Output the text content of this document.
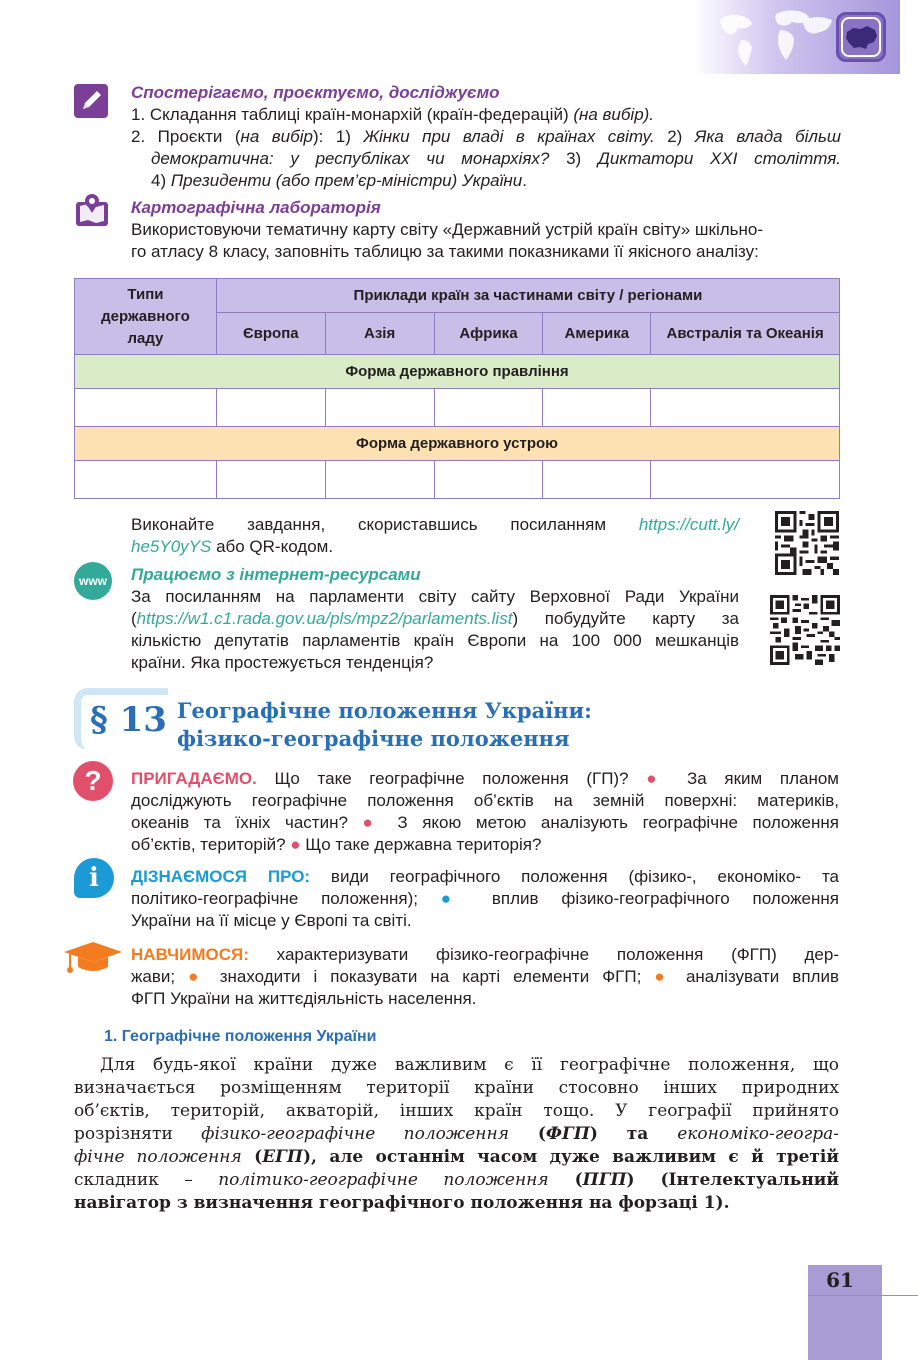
Спостерігаємо, проєктуємо, досліджуємо
1. Складання таблиці країн-монархій (країн-федерацій) (на вибір).
2. Проєкти (на вибір): 1) Жінки при владі в країнах світу. 2) Яка влада більш
демократична: у республіках чи монархіях? 3) Диктатори XXI століття.
4) Президенти (або прем’єр-міністри) України.
Картографічна лабораторія
Використовуючи тематичну карту світу «Державний устрій країн світу» шкільно-
го атласу 8 класу, заповніть таблицю за такими показниками її якісного аналізу:
Типи державного ладу	Приклади країн за частинами світу / регіонами				
	Європа	Азія	Африка	Америка	Австралія та Океанія
Форма державного правління					

Форма державного устрою					

Виконайте завдання, скориставшись посиланням https://cutt.ly/
he5Y0yYS або QR-кодом.
www Працюємо з інтернет-ресурсами
За посиланням на парламенти світу сайту Верховної Ради України
(https://w1.c1.rada.gov.ua/pls/mpz2/parlaments.list) побудуйте карту за
кількістю депутатів парламентів країн Європи на 100 000 мешканців
країни. Яка простежується тенденція?
§ 13 Географічне положення України:
фізико-географічне положення
?	ПРИГАДАЄМО. Що таке географічне положення (ГП)? ● За яким планом
досліджують географічне положення об’єктів на земній поверхні: материків,
океанів та їхніх частин? ● З якою метою аналізують географічне положення
об’єктів, територій? ● Що таке державна територія?
i	ДІЗНАЄМОСЯ ПРО: види географічного положення (фізико-, економіко- та
політико-географічне положення); ● вплив фізико-географічного положення
України на її місце у Європі та світі.
НАВЧИМОСЯ: характеризувати фізико-географічне положення (ФГП) дер-
жави; ● знаходити і показувати на карті елементи ФГП; ● аналізувати вплив
ФГП України на життєдіяльність населення.
1. Географічне положення України
Для будь-якої країни дуже важливим є її географічне положення, що
визначається розміщенням території країни стосовно інших природних
об’єктів, територій, акваторій, інших країн тощо. У географії прийнято
розрізняти фізико-географічне положення (ФГП) та економіко-геогра-
фічне положення (ЕГП), але останнім часом дуже важливим є й третій
складник – політико-географічне положення (ПГП) (Інтелектуальний
навігатор з визначення географічного положення на форзаці 1).
61
